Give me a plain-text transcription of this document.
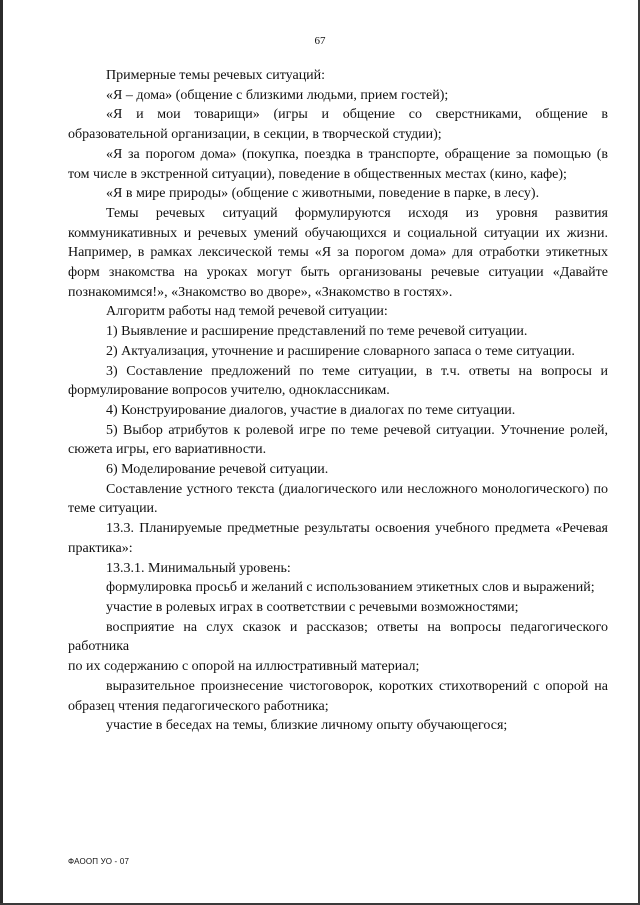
67

Примерные темы речевых ситуаций:

«Я – дома» (общение с близкими людьми, прием гостей);

«Я и мои товарищи» (игры и общение со сверстниками, общение в образовательной организации, в секции, в творческой студии);

«Я за порогом дома» (покупка, поездка в транспорте, обращение за помощью (в том числе в экстренной ситуации), поведение в общественных местах (кино, кафе);

«Я в мире природы» (общение с животными, поведение в парке, в лесу).

Темы речевых ситуаций формулируются исходя из уровня развития коммуникативных и речевых умений обучающихся и социальной ситуации их жизни. Например, в рамках лексической темы «Я за порогом дома» для отработки этикетных форм знакомства на уроках могут быть организованы речевые ситуации «Давайте познакомимся!», «Знакомство во дворе», «Знакомство в гостях».

Алгоритм работы над темой речевой ситуации:

1) Выявление и расширение представлений по теме речевой ситуации.

2) Актуализация, уточнение и расширение словарного запаса о теме ситуации.

3) Составление предложений по теме ситуации, в т.ч. ответы на вопросы и формулирование вопросов учителю, одноклассникам.

4) Конструирование диалогов, участие в диалогах по теме ситуации.

5) Выбор атрибутов к ролевой игре по теме речевой ситуации. Уточнение ролей, сюжета игры, его вариативности.

6) Моделирование речевой ситуации.

Составление устного текста (диалогического или несложного монологического) по теме ситуации.

13.3. Планируемые предметные результаты освоения учебного предмета «Речевая практика»:

13.3.1. Минимальный уровень:

формулировка просьб и желаний с использованием этикетных слов и выражений;

участие в ролевых играх в соответствии с речевыми возможностями;

восприятие на слух сказок и рассказов; ответы на вопросы педагогического работника

по их содержанию с опорой на иллюстративный материал;

выразительное произнесение чистоговорок, коротких стихотворений с опорой на образец чтения педагогического работника;

участие в беседах на темы, близкие личному опыту обучающегося;

ФАООП УО - 07
